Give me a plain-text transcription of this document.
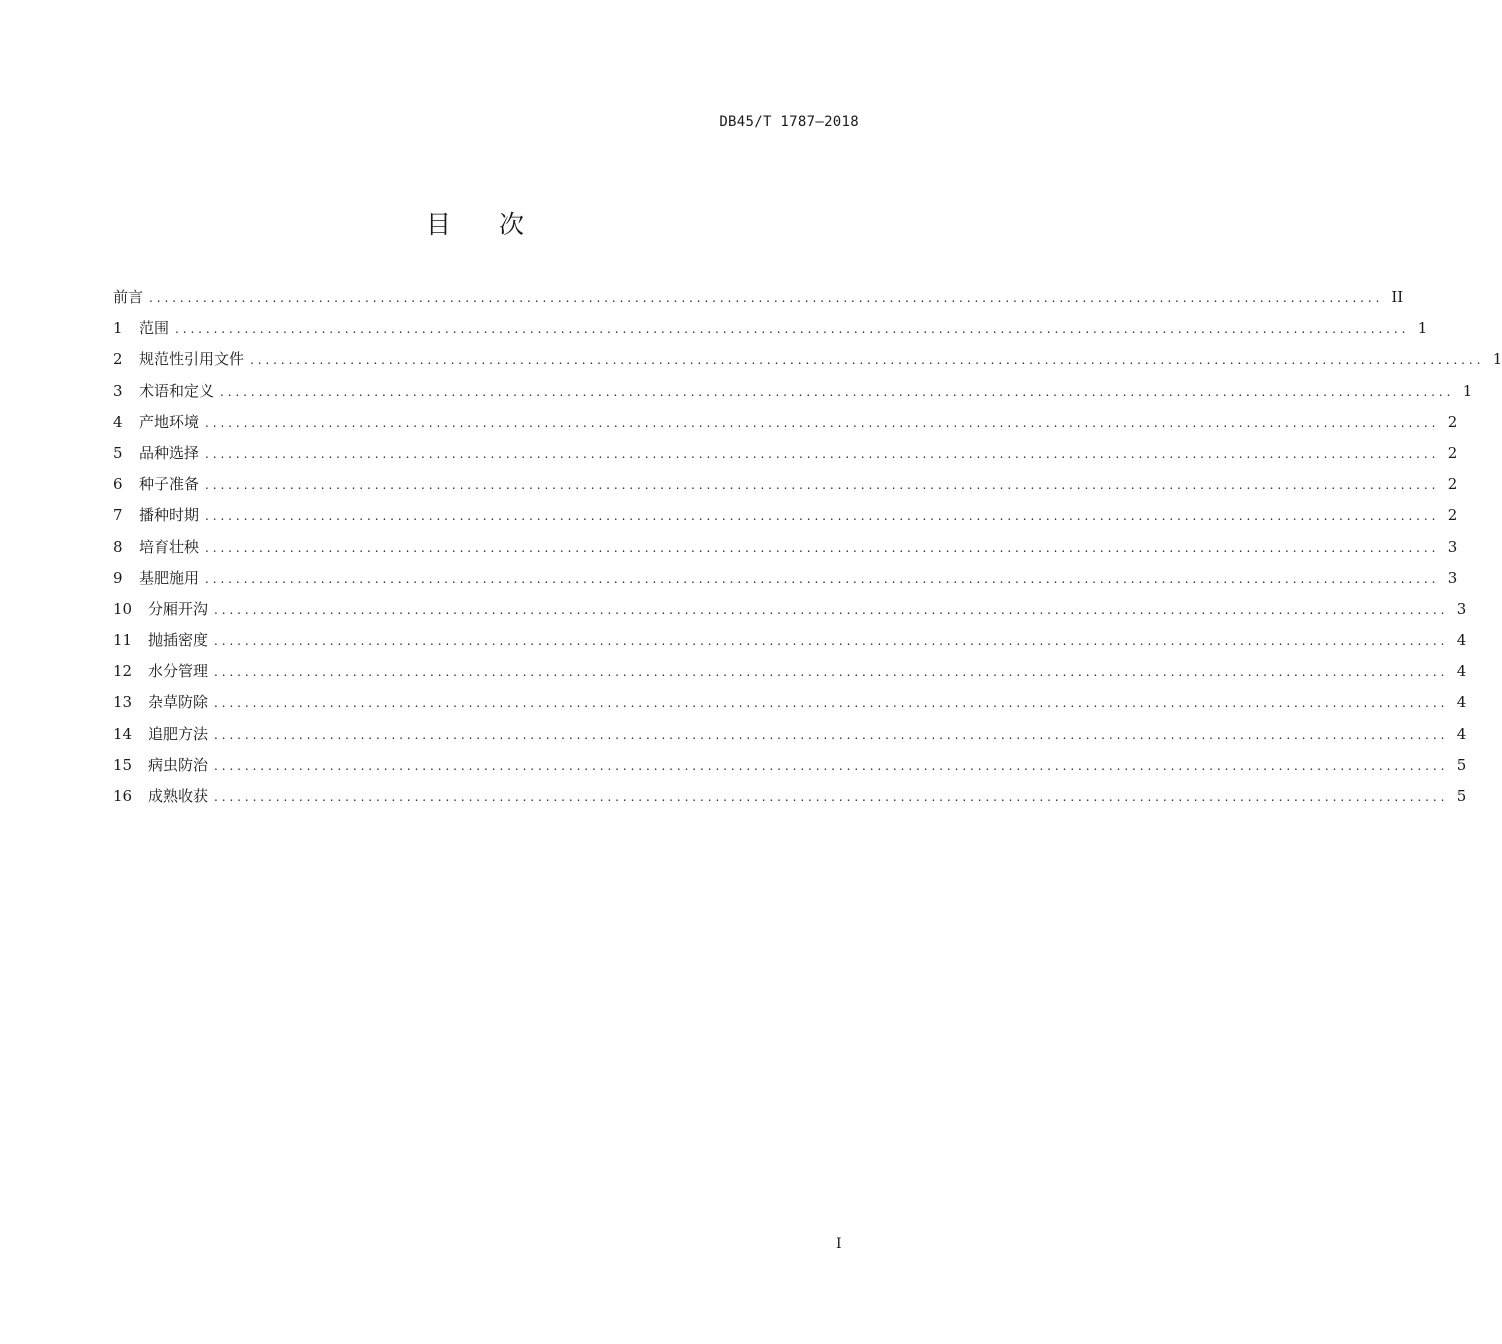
DB45/T 1787—2018
目 次
前言 ................................................................................................................................................................ II
1	范围 ................................................................................................................................................................ 1
2	规范性引用文件 ................................................................................................................................................................ 1
3	术语和定义 ................................................................................................................................................................ 1
4	产地环境 ................................................................................................................................................................ 2
5	品种选择 ................................................................................................................................................................ 2
6	种子准备 ................................................................................................................................................................ 2
7	播种时期 ................................................................................................................................................................ 2
8	培育壮秧 ................................................................................................................................................................ 3
9	基肥施用 ................................................................................................................................................................ 3
10	分厢开沟 ................................................................................................................................................................ 3
11	抛插密度 ................................................................................................................................................................ 4
12	水分管理 ................................................................................................................................................................ 4
13	杂草防除 ................................................................................................................................................................ 4
14	追肥方法 ................................................................................................................................................................ 4
15	病虫防治 ................................................................................................................................................................ 5
16	成熟收获 ................................................................................................................................................................ 5
I
